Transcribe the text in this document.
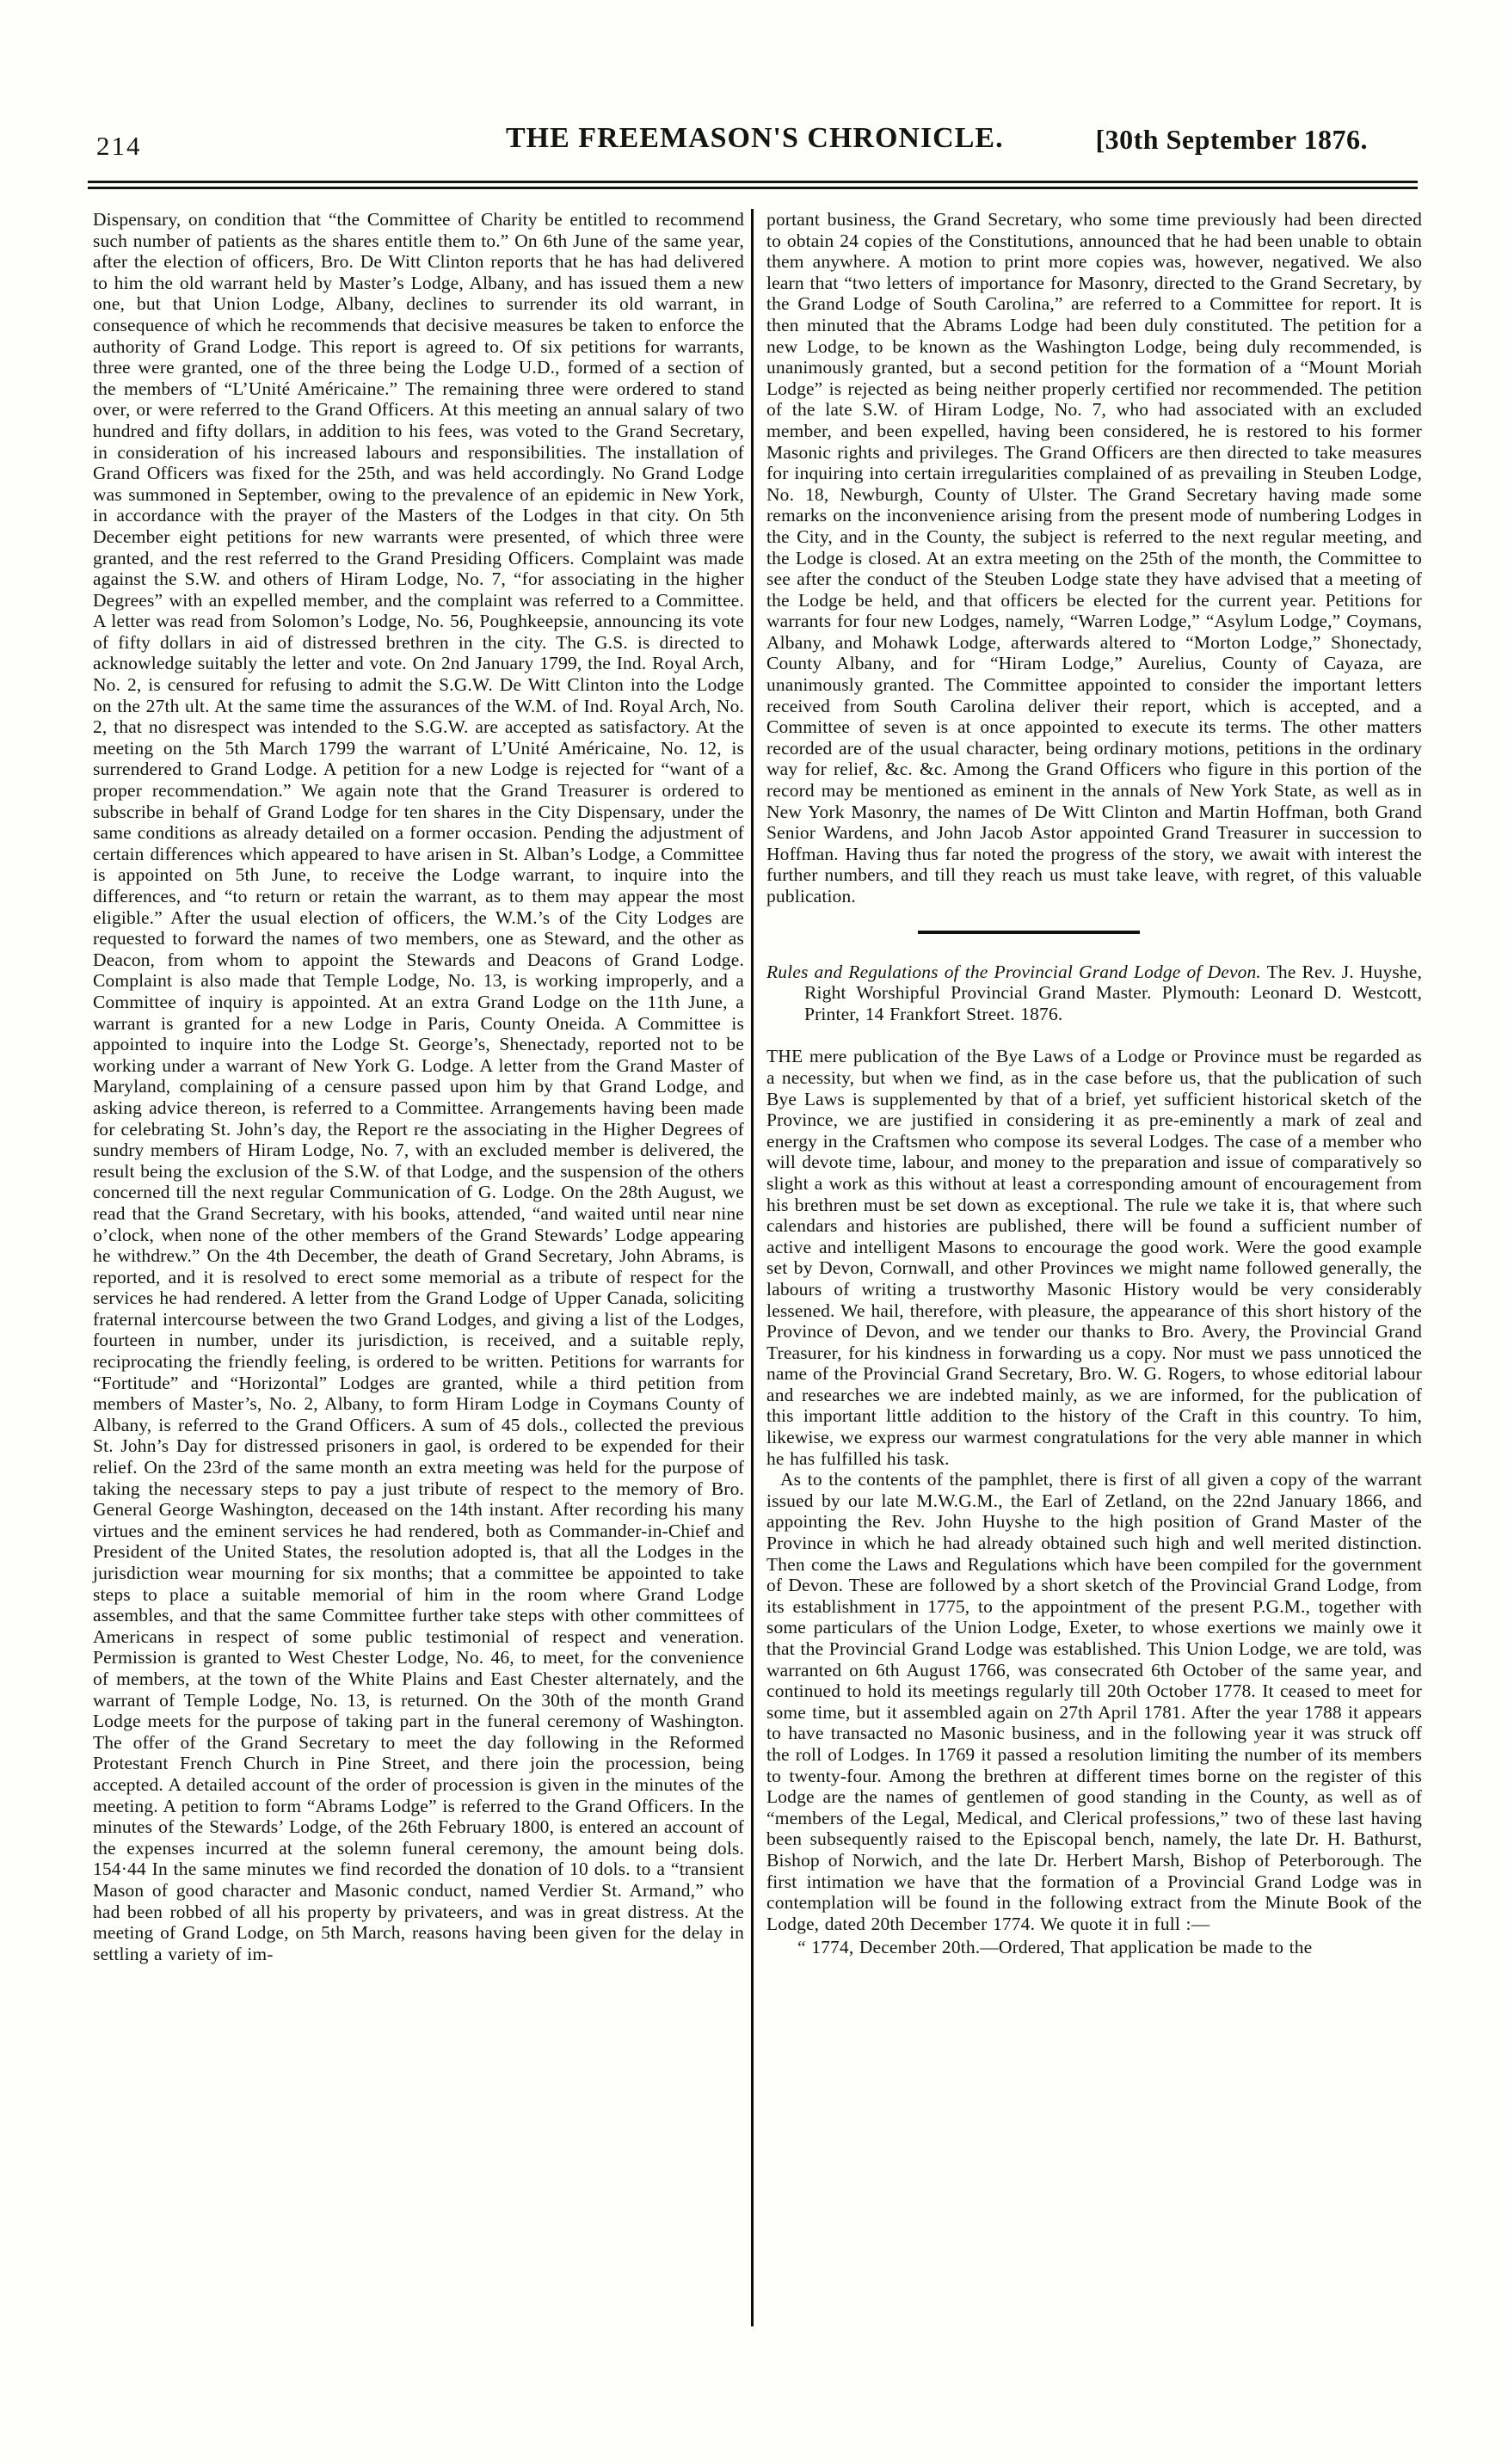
214	THE FREEMASON'S CHRONICLE.	[30th September 1876.

Dispensary, on condition that “the Committee of Charity be entitled to recommend such number of patients as the shares entitle them to.” On 6th June of the same year, after the election of officers, Bro. De Witt Clinton reports that he has had delivered to him the old warrant held by Master’s Lodge, Albany, and has issued them a new one, but that Union Lodge, Albany, declines to surrender its old warrant, in consequence of which he recommends that decisive measures be taken to enforce the authority of Grand Lodge. This report is agreed to. Of six petitions for warrants, three were granted, one of the three being the Lodge U.D., formed of a section of the members of “L’Unité Américaine.” The remaining three were ordered to stand over, or were referred to the Grand Officers. At this meeting an annual salary of two hundred and fifty dollars, in addition to his fees, was voted to the Grand Secretary, in consideration of his increased labours and responsibilities. The installation of Grand Officers was fixed for the 25th, and was held accordingly. No Grand Lodge was summoned in September, owing to the prevalence of an epidemic in New York, in accordance with the prayer of the Masters of the Lodges in that city. On 5th December eight petitions for new warrants were presented, of which three were granted, and the rest referred to the Grand Presiding Officers. Complaint was made against the S.W. and others of Hiram Lodge, No. 7, “for associating in the higher Degrees” with an expelled member, and the complaint was referred to a Committee. A letter was read from Solomon’s Lodge, No. 56, Poughkeepsie, announcing its vote of fifty dollars in aid of distressed brethren in the city. The G.S. is directed to acknowledge suitably the letter and vote. On 2nd January 1799, the Ind. Royal Arch, No. 2, is censured for refusing to admit the S.G.W. De Witt Clinton into the Lodge on the 27th ult. At the same time the assurances of the W.M. of Ind. Royal Arch, No. 2, that no disrespect was intended to the S.G.W. are accepted as satisfactory. At the meeting on the 5th March 1799 the warrant of L’Unité Américaine, No. 12, is surrendered to Grand Lodge. A petition for a new Lodge is rejected for “want of a proper recommendation.” We again note that the Grand Treasurer is ordered to subscribe in behalf of Grand Lodge for ten shares in the City Dispensary, under the same conditions as already detailed on a former occasion. Pending the adjustment of certain differences which appeared to have arisen in St. Alban’s Lodge, a Committee is appointed on 5th June, to receive the Lodge warrant, to inquire into the differences, and “to return or retain the warrant, as to them may appear the most eligible.” After the usual election of officers, the W.M.’s of the City Lodges are requested to forward the names of two members, one as Steward, and the other as Deacon, from whom to appoint the Stewards and Deacons of Grand Lodge. Complaint is also made that Temple Lodge, No. 13, is working improperly, and a Committee of inquiry is appointed. At an extra Grand Lodge on the 11th June, a warrant is granted for a new Lodge in Paris, County Oneida. A Committee is appointed to inquire into the Lodge St. George’s, Shenectady, reported not to be working under a warrant of New York G. Lodge. A letter from the Grand Master of Maryland, complaining of a censure passed upon him by that Grand Lodge, and asking advice thereon, is referred to a Committee. Arrangements having been made for celebrating St. John’s day, the Report re the associating in the Higher Degrees of sundry members of Hiram Lodge, No. 7, with an excluded member is delivered, the result being the exclusion of the S.W. of that Lodge, and the suspension of the others concerned till the next regular Communication of G. Lodge. On the 28th August, we read that the Grand Secretary, with his books, attended, “and waited until near nine o’clock, when none of the other members of the Grand Stewards’ Lodge appearing he withdrew.” On the 4th December, the death of Grand Secretary, John Abrams, is reported, and it is resolved to erect some memorial as a tribute of respect for the services he had rendered. A letter from the Grand Lodge of Upper Canada, soliciting fraternal intercourse between the two Grand Lodges, and giving a list of the Lodges, fourteen in number, under its jurisdiction, is received, and a suitable reply, reciprocating the friendly feeling, is ordered to be written. Petitions for warrants for “Fortitude” and “Horizontal” Lodges are granted, while a third petition from members of Master’s, No. 2, Albany, to form Hiram Lodge in Coymans County of Albany, is referred to the Grand Officers. A sum of 45 dols., collected the previous St. John’s Day for distressed prisoners in gaol, is ordered to be expended for their relief. On the 23rd of the same month an extra meeting was held for the purpose of taking the necessary steps to pay a just tribute of respect to the memory of Bro. General George Washington, deceased on the 14th instant. After recording his many virtues and the eminent services he had rendered, both as Commander-in-Chief and President of the United States, the resolution adopted is, that all the Lodges in the jurisdiction wear mourning for six months; that a committee be appointed to take steps to place a suitable memorial of him in the room where Grand Lodge assembles, and that the same Committee further take steps with other committees of Americans in respect of some public testimonial of respect and veneration. Permission is granted to West Chester Lodge, No. 46, to meet, for the convenience of members, at the town of the White Plains and East Chester alternately, and the warrant of Temple Lodge, No. 13, is returned. On the 30th of the month Grand Lodge meets for the purpose of taking part in the funeral ceremony of Washington. The offer of the Grand Secretary to meet the day following in the Reformed Protestant French Church in Pine Street, and there join the procession, being accepted. A detailed account of the order of procession is given in the minutes of the meeting. A petition to form “Abrams Lodge” is referred to the Grand Officers. In the minutes of the Stewards’ Lodge, of the 26th February 1800, is entered an account of the expenses incurred at the solemn funeral ceremony, the amount being dols. 154·44 In the same minutes we find recorded the donation of 10 dols. to a “transient Mason of good character and Masonic conduct, named Verdier St. Armand,” who had been robbed of all his property by privateers, and was in great distress. At the meeting of Grand Lodge, on 5th March, reasons having been given for the delay in settling a variety of im-

portant business, the Grand Secretary, who some time previously had been directed to obtain 24 copies of the Constitutions, announced that he had been unable to obtain them anywhere. A motion to print more copies was, however, negatived. We also learn that “two letters of importance for Masonry, directed to the Grand Secretary, by the Grand Lodge of South Carolina,” are referred to a Committee for report. It is then minuted that the Abrams Lodge had been duly constituted. The petition for a new Lodge, to be known as the Washington Lodge, being duly recommended, is unanimously granted, but a second petition for the formation of a “Mount Moriah Lodge” is rejected as being neither properly certified nor recommended. The petition of the late S.W. of Hiram Lodge, No. 7, who had associated with an excluded member, and been expelled, having been considered, he is restored to his former Masonic rights and privileges. The Grand Officers are then directed to take measures for inquiring into certain irregularities complained of as prevailing in Steuben Lodge, No. 18, Newburgh, County of Ulster. The Grand Secretary having made some remarks on the inconvenience arising from the present mode of numbering Lodges in the City, and in the County, the subject is referred to the next regular meeting, and the Lodge is closed. At an extra meeting on the 25th of the month, the Committee to see after the conduct of the Steuben Lodge state they have advised that a meeting of the Lodge be held, and that officers be elected for the current year. Petitions for warrants for four new Lodges, namely, “Warren Lodge,” “Asylum Lodge,” Coymans, Albany, and Mohawk Lodge, afterwards altered to “Morton Lodge,” Shonectady, County Albany, and for “Hiram Lodge,” Aurelius, County of Cayaza, are unanimously granted. The Committee appointed to consider the important letters received from South Carolina deliver their report, which is accepted, and a Committee of seven is at once appointed to execute its terms. The other matters recorded are of the usual character, being ordinary motions, petitions in the ordinary way for relief, &c. &c. Among the Grand Officers who figure in this portion of the record may be mentioned as eminent in the annals of New York State, as well as in New York Masonry, the names of De Witt Clinton and Martin Hoffman, both Grand Senior Wardens, and John Jacob Astor appointed Grand Treasurer in succession to Hoffman. Having thus far noted the progress of the story, we await with interest the further numbers, and till they reach us must take leave, with regret, of this valuable publication.

Rules and Regulations of the Provincial Grand Lodge of Devon. The Rev. J. Huyshe, Right Worshipful Provincial Grand Master. Plymouth: Leonard D. Westcott, Printer, 14 Frankfort Street. 1876.

THE mere publication of the Bye Laws of a Lodge or Province must be regarded as a necessity, but when we find, as in the case before us, that the publication of such Bye Laws is supplemented by that of a brief, yet sufficient historical sketch of the Province, we are justified in considering it as pre-eminently a mark of zeal and energy in the Craftsmen who compose its several Lodges. The case of a member who will devote time, labour, and money to the preparation and issue of comparatively so slight a work as this without at least a corresponding amount of encouragement from his brethren must be set down as exceptional. The rule we take it is, that where such calendars and histories are published, there will be found a sufficient number of active and intelligent Masons to encourage the good work. Were the good example set by Devon, Cornwall, and other Provinces we might name followed generally, the labours of writing a trustworthy Masonic History would be very considerably lessened. We hail, therefore, with pleasure, the appearance of this short history of the Province of Devon, and we tender our thanks to Bro. Avery, the Provincial Grand Treasurer, for his kindness in forwarding us a copy. Nor must we pass unnoticed the name of the Provincial Grand Secretary, Bro. W. G. Rogers, to whose editorial labour and researches we are indebted mainly, as we are informed, for the publication of this important little addition to the history of the Craft in this country. To him, likewise, we express our warmest congratulations for the very able manner in which he has fulfilled his task.

As to the contents of the pamphlet, there is first of all given a copy of the warrant issued by our late M.W.G.M., the Earl of Zetland, on the 22nd January 1866, and appointing the Rev. John Huyshe to the high position of Grand Master of the Province in which he had already obtained such high and well merited distinction. Then come the Laws and Regulations which have been compiled for the government of Devon. These are followed by a short sketch of the Provincial Grand Lodge, from its establishment in 1775, to the appointment of the present P.G.M., together with some particulars of the Union Lodge, Exeter, to whose exertions we mainly owe it that the Provincial Grand Lodge was established. This Union Lodge, we are told, was warranted on 6th August 1766, was consecrated 6th October of the same year, and continued to hold its meetings regularly till 20th October 1778. It ceased to meet for some time, but it assembled again on 27th April 1781. After the year 1788 it appears to have transacted no Masonic business, and in the following year it was struck off the roll of Lodges. In 1769 it passed a resolution limiting the number of its members to twenty-four. Among the brethren at different times borne on the register of this Lodge are the names of gentlemen of good standing in the County, as well as of “members of the Legal, Medical, and Clerical professions,” two of these last having been subsequently raised to the Episcopal bench, namely, the late Dr. H. Bathurst, Bishop of Norwich, and the late Dr. Herbert Marsh, Bishop of Peterborough. The first intimation we have that the formation of a Provincial Grand Lodge was in contemplation will be found in the following extract from the Minute Book of the Lodge, dated 20th December 1774. We quote it in full :—

“ 1774, December 20th.—Ordered, That application be made to the
